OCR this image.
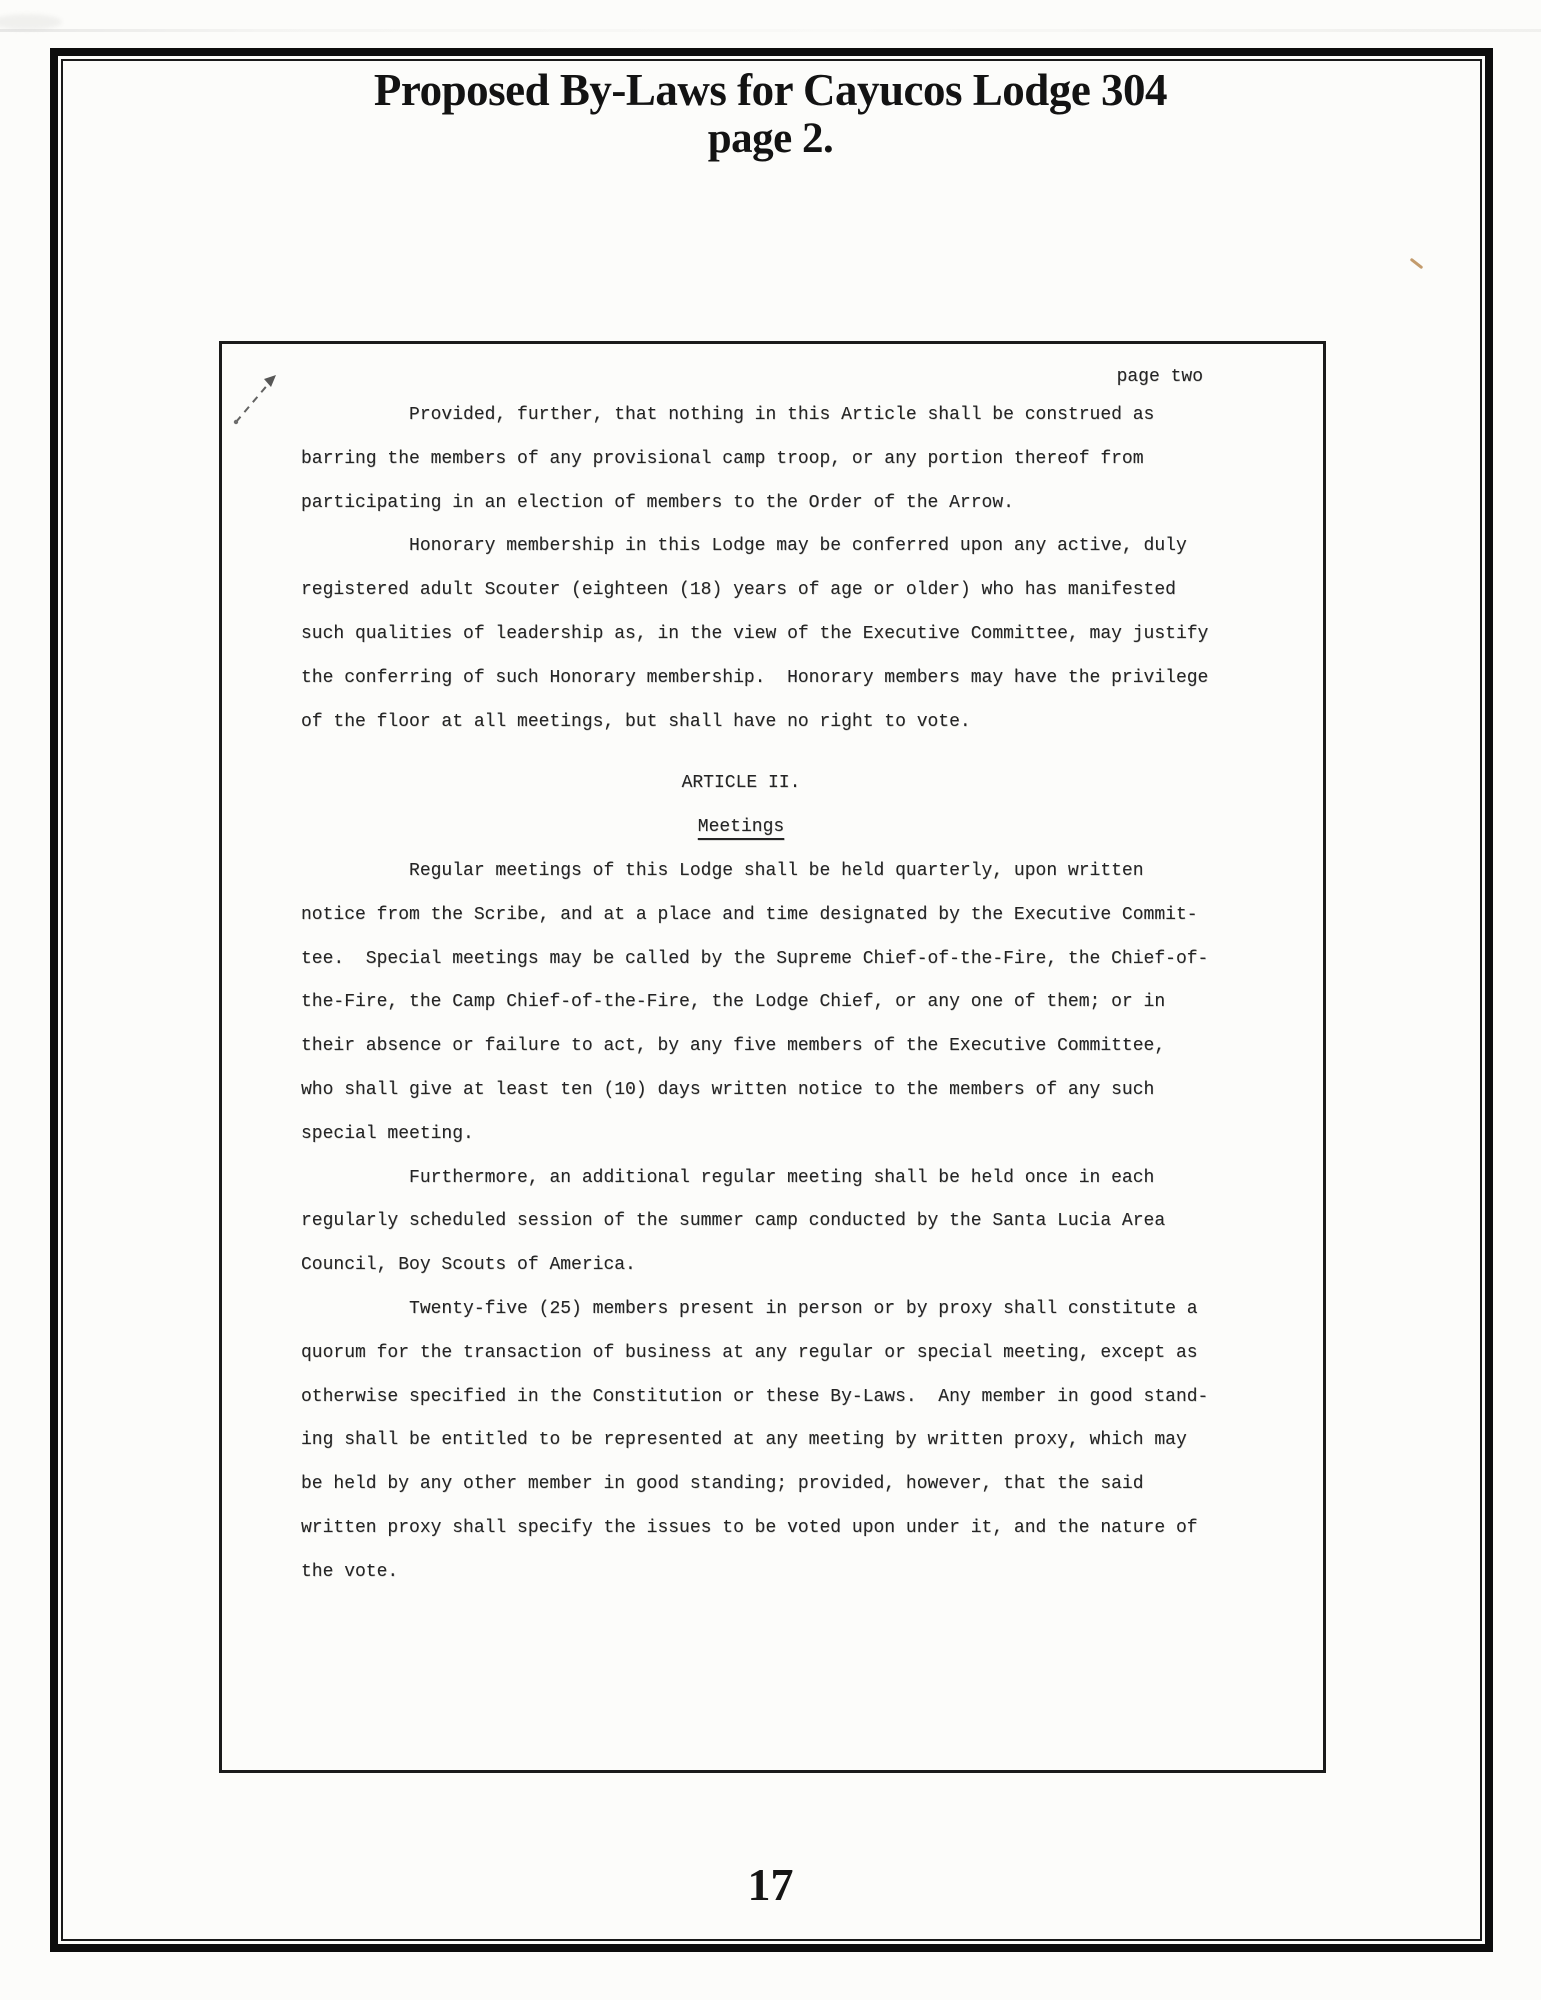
Proposed By-Laws for Cayucos Lodge 304
page 2.
page two
Provided, further, that nothing in this Article shall be construed as
barring the members of any provisional camp troop, or any portion thereof from
participating in an election of members to the Order of the Arrow.
Honorary membership in this Lodge may be conferred upon any active, duly
registered adult Scouter (eighteen (18) years of age or older) who has manifested
such qualities of leadership as, in the view of the Executive Committee, may justify
the conferring of such Honorary membership.  Honorary members may have the privilege
of the floor at all meetings, but shall have no right to vote.
ARTICLE II.
Meetings
Regular meetings of this Lodge shall be held quarterly, upon written
notice from the Scribe, and at a place and time designated by the Executive Commit-
tee.  Special meetings may be called by the Supreme Chief-of-the-Fire, the Chief-of-
the-Fire, the Camp Chief-of-the-Fire, the Lodge Chief, or any one of them; or in
their absence or failure to act, by any five members of the Executive Committee,
who shall give at least ten (10) days written notice to the members of any such
special meeting.
Furthermore, an additional regular meeting shall be held once in each
regularly scheduled session of the summer camp conducted by the Santa Lucia Area
Council, Boy Scouts of America.
Twenty-five (25) members present in person or by proxy shall constitute a
quorum for the transaction of business at any regular or special meeting, except as
otherwise specified in the Constitution or these By-Laws.  Any member in good stand-
ing shall be entitled to be represented at any meeting by written proxy, which may
be held by any other member in good standing; provided, however, that the said
written proxy shall specify the issues to be voted upon under it, and the nature of
the vote.
17
